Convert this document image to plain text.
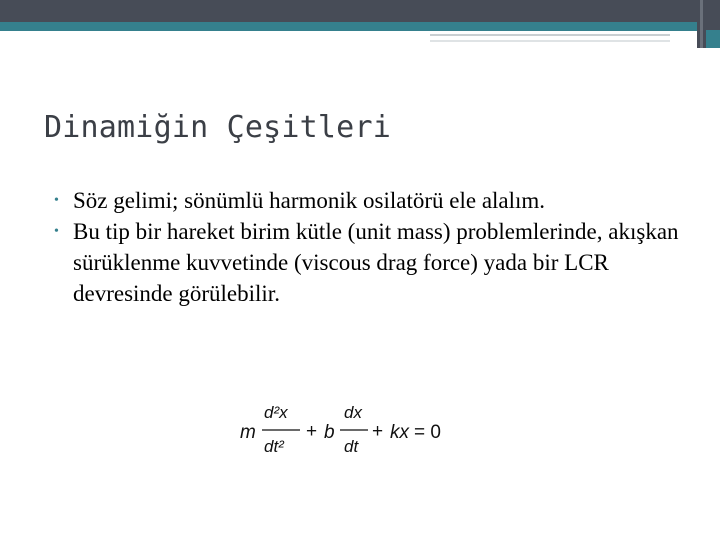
Dinamiğin Çeşitleri
• Söz gelimi; sönümlü harmonik osilatörü ele alalım.
• Bu tip bir hareket birim kütle (unit mass) problemlerinde, akışkan sürüklenme kuvvetinde (viscous drag force) yada bir LCR devresinde görülebilir.
m
d²x
dt²
+ b
dx
dt
+ kx = 0
